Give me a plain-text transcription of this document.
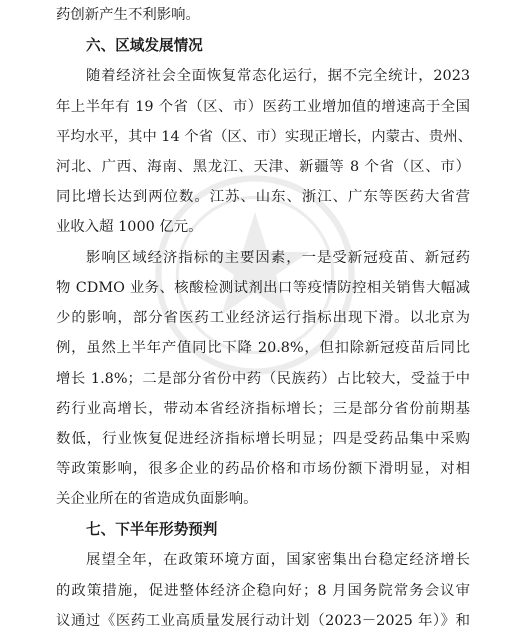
药创新产生不利影响。
六、区域发展情况
随着经济社会全面恢复常态化运行，据不完全统计，2023
年上半年有 19 个省（区、市）医药工业增加值的增速高于全国
平均水平，其中 14 个省（区、市）实现正增长，内蒙古、贵州、
河北、广西、海南、黑龙江、天津、新疆等 8 个省（区、市）
同比增长达到两位数。江苏、山东、浙江、广东等医药大省营
业收入超 1000 亿元。
影响区域经济指标的主要因素，一是受新冠疫苗、新冠药
物 CDMO 业务、核酸检测试剂出口等疫情防控相关销售大幅减
少的影响，部分省医药工业经济运行指标出现下滑。以北京为
例，虽然上半年产值同比下降 20.8%，但扣除新冠疫苗后同比
增长 1.8%；二是部分省份中药（民族药）占比较大，受益于中
药行业高增长，带动本省经济指标增长；三是部分省份前期基
数低，行业恢复促进经济指标增长明显；四是受药品集中采购
等政策影响，很多企业的药品价格和市场份额下滑明显，对相
关企业所在的省造成负面影响。
七、下半年形势预判
展望全年，在政策环境方面，国家密集出台稳定经济增长
的政策措施，促进整体经济企稳向好；8 月国务院常务会议审
议通过《医药工业高质量发展行动计划（2023－2025 年）》和
